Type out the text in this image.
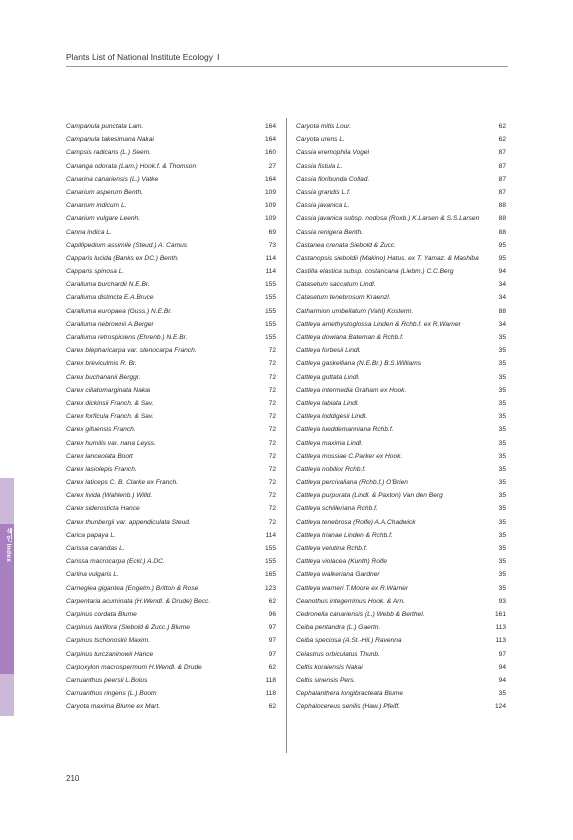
Plants List of National Institute Ecology Ⅰ
Campanula punctata Lam.	164
Campanula takesimana Nakai	164
Campsis radicans (L.) Seem.	160
Cananga odorata (Lam.) Hook.f. & Thomson	27
Canarina canariensis (L.) Vatke	164
Canarium asperum Benth.	109
Canarium indicum L.	109
Canarium vulgare Leenh.	109
Canna indica L.	69
Capillipedium assimile (Steud.) A. Camus	73
Capparis lucida (Banks ex DC.) Benth.	114
Capparis spinosa L.	114
Caralluma burchardii N.E.Br.	155
Caralluma distincta E.A.Bruce	155
Caralluma europaea (Guss.) N.E.Br.	155
Caralluma nebrownii A.Berger	155
Caralluma retrospiciens (Ehrenb.) N.E.Br.	155
Carex blepharicarpa var. stenocarpa Franch.	72
Carex breviculmis R. Br.	72
Carex buchananii Berggr.	72
Carex ciliatomarginata Nakai	72
Carex dickinsii Franch. & Sav.	72
Carex forficula Franch. & Sav.	72
Carex gifuensis Franch.	72
Carex humilis var. nana Leyss.	72
Carex lanceolata Boott	72
Carex lasiolepis Franch.	72
Carex laticeps C. B. Clarke ex Franch.	72
Carex livida (Wahlenb.) Willd.	72
Carex siderosticta Hance	72
Carex thunbergii var. appendiculata Steud.	72
Carica papaya L.	114
Carissa carandas L.	155
Carissa macrocarpa (Eckl.) A.DC.	155
Carlina vulgaris L.	165
Carnegiea gigantea (Engelm.) Britton & Rose	123
Carpentaria acuminata (H.Wendl. & Drude) Becc.	62
Carpinus cordata Blume	96
Carpinus laxiflora (Siebold & Zucc.) Blume	97
Carpinus tschonoskii Maxim.	97
Carpinus turczaninowii Hance	97
Carpoxylon macrospermum H.Wendl. & Drude	62
Carruanthus peersii L.Bolus	118
Carruanthus ringens (L.) Boom	118
Caryota maxima Blume ex Mart.	62
Caryota mitis Lour.	62
Caryota urens L.	62
Cassia eremophila Vogel	87
Cassia fistula L.	87
Cassia floribunda Collad.	87
Cassia grandis L.f.	87
Cassia javanica L.	88
Cassia javanica subsp. nodosa (Roxb.) K.Larsen & S.S.Larsen	88
Cassia renigera Benth.	88
Castanea crenata Siebold & Zucc.	95
Castanopsis sieboldii (Makino) Hatus. ex T. Yamaz. & Mashiba	95
Castilla elastica subsp. costaricana (Liebm.) C.C.Berg	94
Catasetum saccatum Lindl.	34
Catasetum tenebrosum Kraenzl.	34
Catharmion umbellatum (Vahl) Kosterm.	88
Cattleya amethystoglossa Linden & Rchb.f. ex R.Warner	34
Cattleya dowiana Bateman & Rchb.f.	35
Cattleya forbesii Lindl.	35
Cattleya gaskelliana (N.E.Br.) B.S.Williams	35
Cattleya guttata Lindl.	35
Cattleya intermedia Graham ex Hook.	35
Cattleya labiata Lindl.	35
Cattleya loddigesii Lindl.	35
Cattleya lueddemanniana Rchb.f.	35
Cattleya maxima Lindl.	35
Cattleya mossiae C.Parker ex Hook.	35
Cattleya nobilior Rchb.f.	35
Cattleya percivaliana (Rchb.f.) O'Brien	35
Cattleya purpurata (Lindl. & Paxton) Van den Berg	35
Cattleya schilleriana Rchb.f.	35
Cattleya tenebrosa (Rolfe) A.A.Chadwick	35
Cattleya trianae Linden & Rchb.f.	35
Cattleya velutina Rchb.f.	35
Cattleya violacea (Kunth) Rolfe	35
Cattleya walkeriana Gardner	35
Cattleya warneri T.Moore ex R.Warner	35
Ceanothus integerrimus Hook. & Arn.	93
Cedronella canariensis (L.) Webb & Berthel.	161
Ceiba pentandra (L.) Gaertn.	113
Ceiba speciosa (A.St.-Hil.) Ravenna	113
Celastrus orbiculatus Thunb.	97
Celtis koraiensis Nakai	94
Celtis sinensis Pers.	94
Cephalanthera longibracteata Blume	35
Cephalocereus senilis (Haw.) Pfeiff.	124
색인 Index
210
